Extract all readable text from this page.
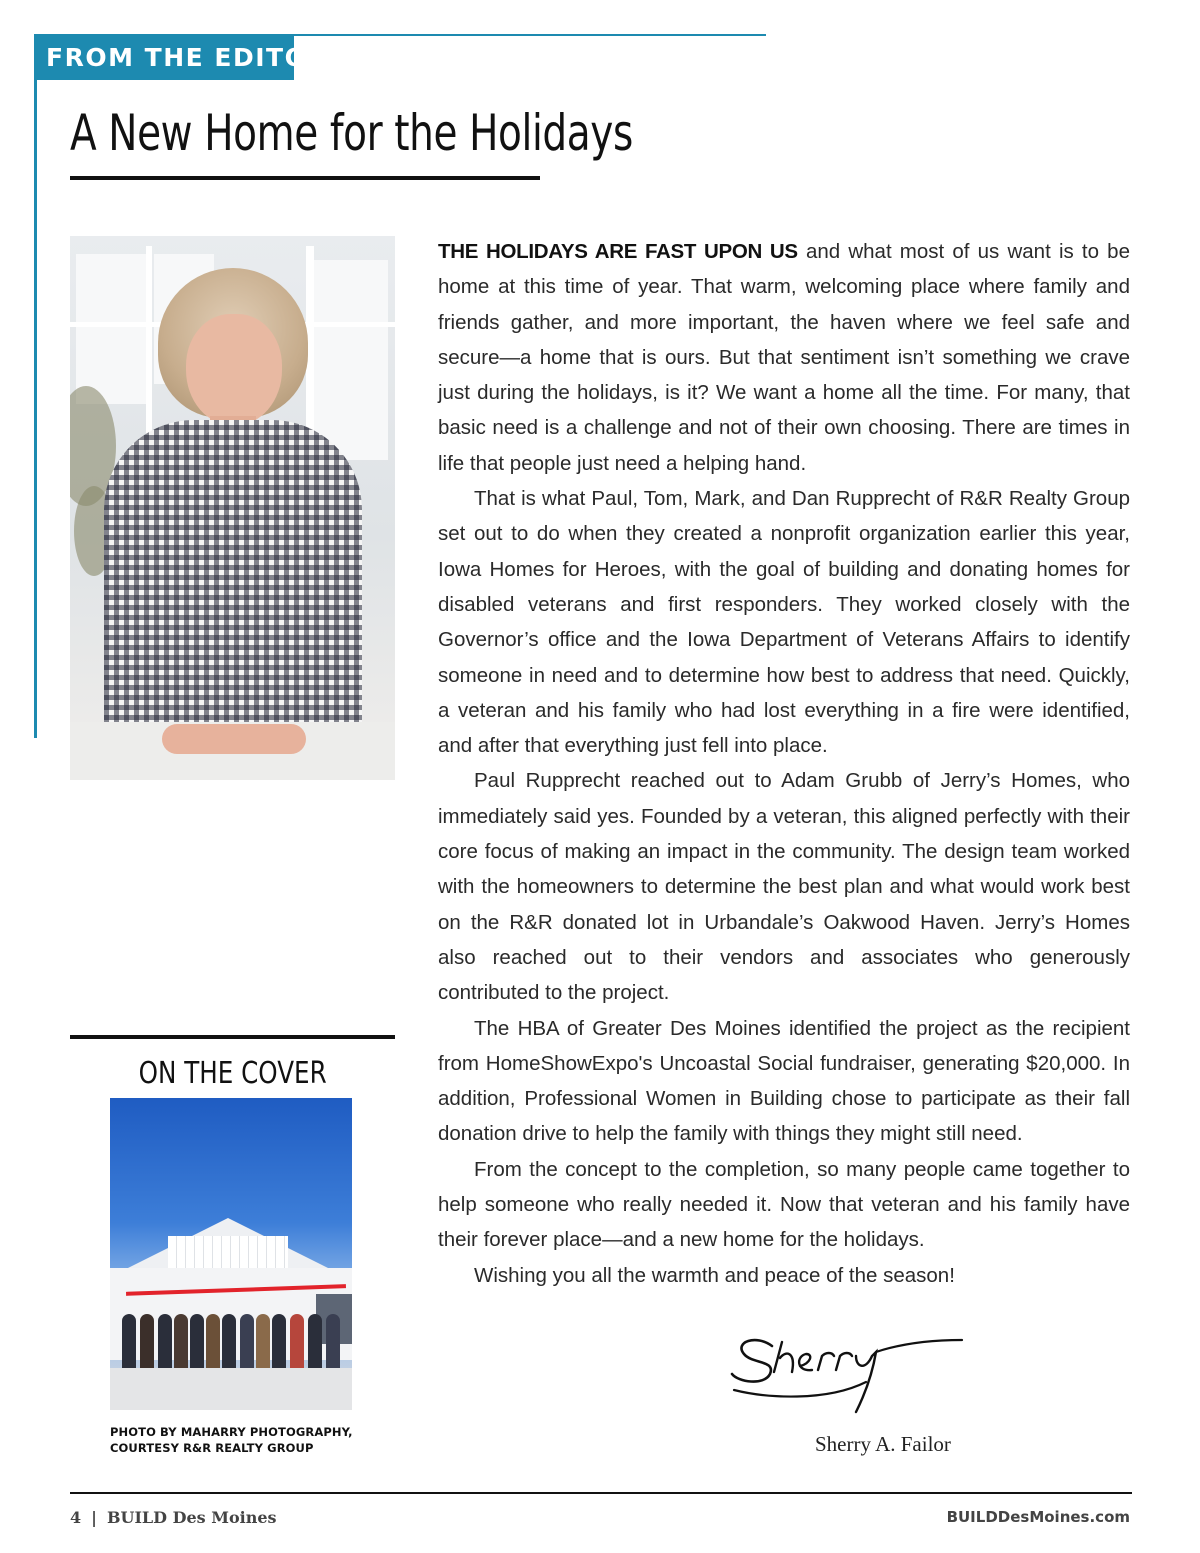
FROM THE EDITOR
A New Home for the Holidays
ON THE COVER

PHOTO BY MAHARRY PHOTOGRAPHY,
COURTESY R&R REALTY GROUP

THE HOLIDAYS ARE FAST UPON US and what most of us want is to be home at this time of year. That warm, welcoming place where family and friends gather, and more important, the haven where we feel safe and secure—a home that is ours. But that sentiment isn’t something we crave just during the holidays, is it? We want a home all the time. For many, that basic need is a challenge and not of their own choosing. There are times in life that people just need a helping hand.

That is what Paul, Tom, Mark, and Dan Rupprecht of R&R Realty Group set out to do when they created a nonprofit organization earlier this year, Iowa Homes for Heroes, with the goal of building and donating homes for disabled veterans and first responders. They worked closely with the Governor’s office and the Iowa Department of Veterans Affairs to identify someone in need and to determine how best to address that need. Quickly, a veteran and his family who had lost everything in a fire were identified, and after that everything just fell into place.

Paul Rupprecht reached out to Adam Grubb of Jerry’s Homes, who immediately said yes. Founded by a veteran, this aligned perfectly with their core focus of making an impact in the community. The design team worked with the homeowners to determine the best plan and what would work best on the R&R donated lot in Urbandale’s Oakwood Haven. Jerry’s Homes also reached out to their vendors and associates who generously contributed to the project.

The HBA of Greater Des Moines identified the project as the recipient from HomeShowExpo's Uncoastal Social fundraiser, generating $20,000. In addition, Professional Women in Building chose to participate as their fall donation drive to help the family with things they might still need.

From the concept to the completion, so many people came together to help someone who really needed it. Now that veteran and his family have their forever place—and a new home for the holidays.

Wishing you all the warmth and peace of the season!

Sherry A. Failor

4 | BUILD Des Moines	BUILDDesMoines.com
